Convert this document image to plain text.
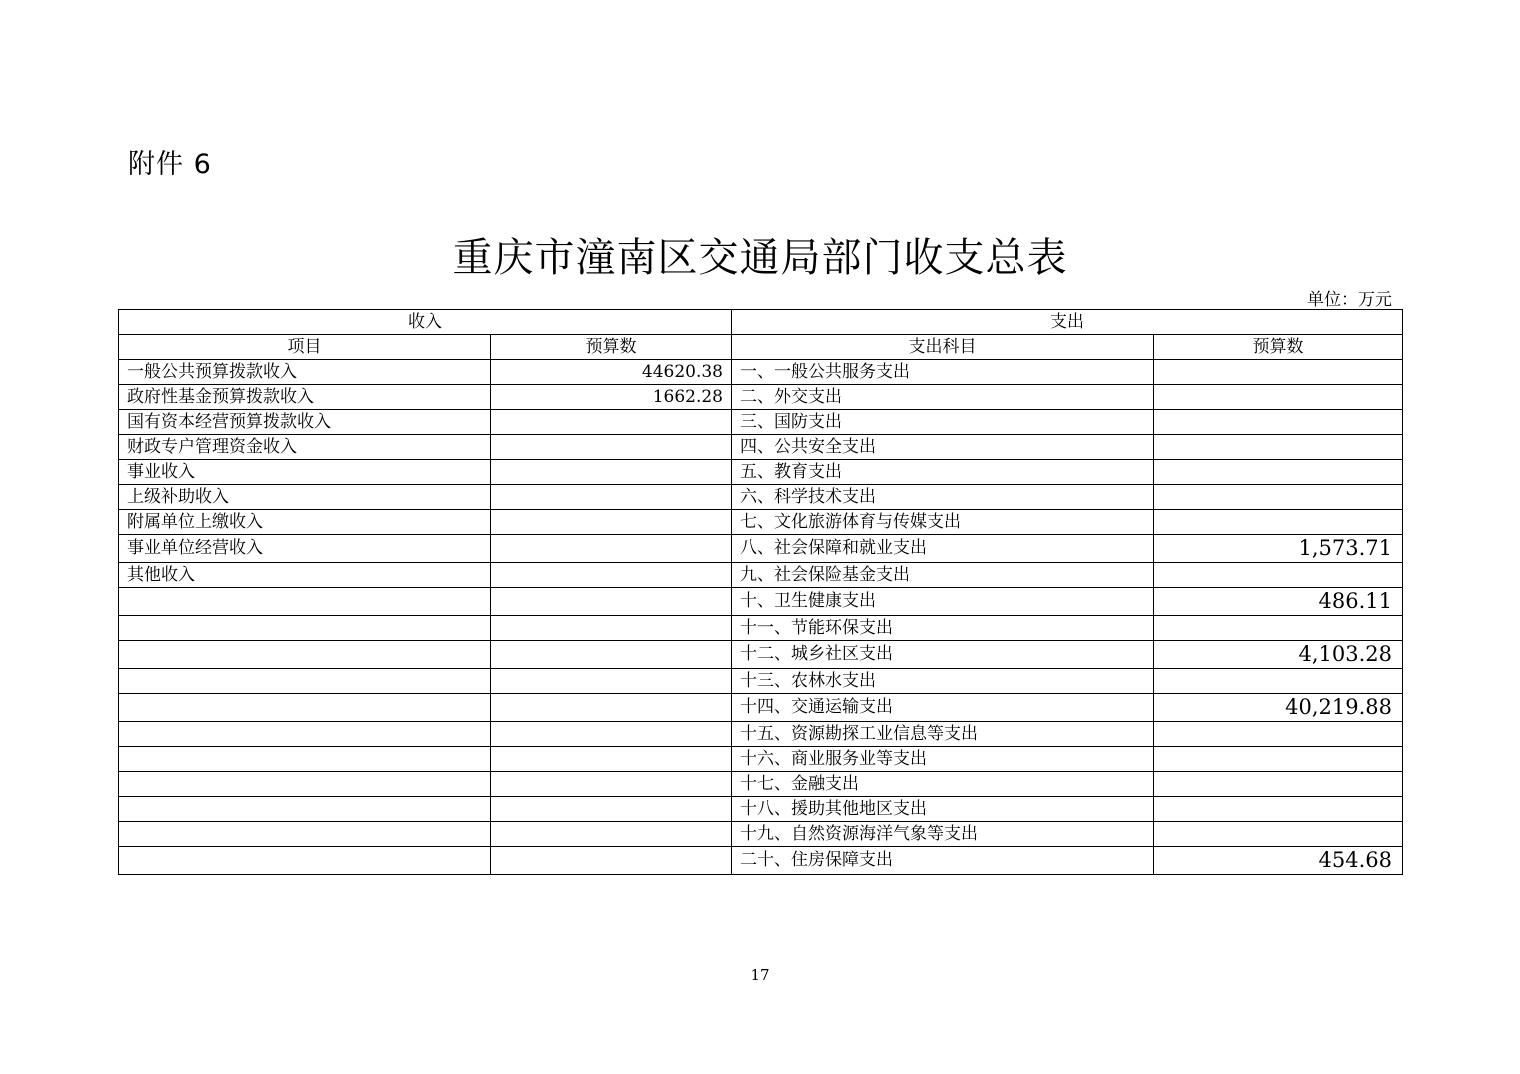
附件 6
重庆市潼南区交通局部门收支总表
单位：万元
收入		支出	
项目	预算数	支出科目	预算数
一般公共预算拨款收入	44620.38	一、一般公共服务支出	
政府性基金预算拨款收入	1662.28	二、外交支出	
国有资本经营预算拨款收入		三、国防支出	
财政专户管理资金收入		四、公共安全支出	
事业收入		五、教育支出	
上级补助收入		六、科学技术支出	
附属单位上缴收入		七、文化旅游体育与传媒支出	
事业单位经营收入		八、社会保障和就业支出	1,573.71
其他收入		九、社会保险基金支出	
		十、卫生健康支出	486.11
		十一、节能环保支出	
		十二、城乡社区支出	4,103.28
		十三、农林水支出	
		十四、交通运输支出	40,219.88
		十五、资源勘探工业信息等支出	
		十六、商业服务业等支出	
		十七、金融支出	
		十八、援助其他地区支出	
		十九、自然资源海洋气象等支出	
		二十、住房保障支出	454.68
17
